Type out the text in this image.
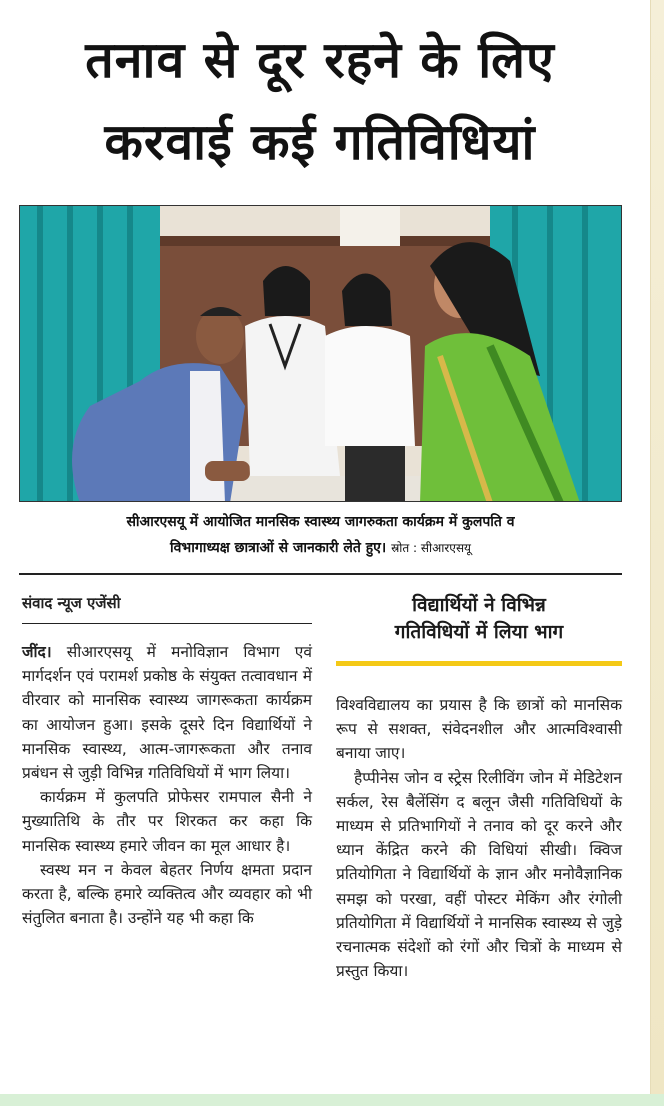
तनाव से दूर रहने के लिए
करवाई कई गतिविधियां
सीआरएसयू में आयोजित मानसिक स्वास्थ्य जागरुकता कार्यक्रम में कुलपति व
विभागाध्यक्ष छात्राओं से जानकारी लेते हुए। स्रोत : सीआरएसयू
संवाद न्यूज एजेंसी	विद्यार्थियों ने विभिन्न
गतिविधियों में लिया भाग

जींद। सीआरएसयू में मनोविज्ञान विभाग एवं मार्गदर्शन एवं परामर्श प्रकोष्ठ के संयुक्त तत्वावधान में वीरवार को मानसिक स्वास्थ्य जागरूकता कार्यक्रम का आयोजन हुआ। इसके दूसरे दिन विद्यार्थियों ने मानसिक स्वास्थ्य, आत्म-जागरूकता और तनाव प्रबंधन से जुड़ी विभिन्न गतिविधियों में भाग लिया।

कार्यक्रम में कुलपति प्रोफेसर रामपाल सैनी ने मुख्यातिथि के तौर पर शिरकत कर कहा कि मानसिक स्वास्थ्य हमारे जीवन का मूल आधार है।

स्वस्थ मन न केवल बेहतर निर्णय क्षमता प्रदान करता है, बल्कि हमारे व्यक्तित्व और व्यवहार को भी संतुलित बनाता है। उन्होंने यह भी कहा कि

विश्वविद्यालय का प्रयास है कि छात्रों को मानसिक रूप से सशक्त, संवेदनशील और आत्मविश्वासी बनाया जाए।

हैप्पीनेस जोन व स्ट्रेस रिलीविंग जोन में मेडिटेशन सर्कल, रेस बैलेंसिंग द बलून जैसी गतिविधियों के माध्यम से प्रतिभागियों ने तनाव को दूर करने और ध्यान केंद्रित करने की विधियां सीखी। क्विज प्रतियोगिता ने विद्यार्थियों के ज्ञान और मनोवैज्ञानिक समझ को परखा, वहीं पोस्टर मेकिंग और रंगोली प्रतियोगिता में विद्यार्थियों ने मानसिक स्वास्थ्य से जुड़े रचनात्मक संदेशों को रंगों और चित्रों के माध्यम से प्रस्तुत किया।
